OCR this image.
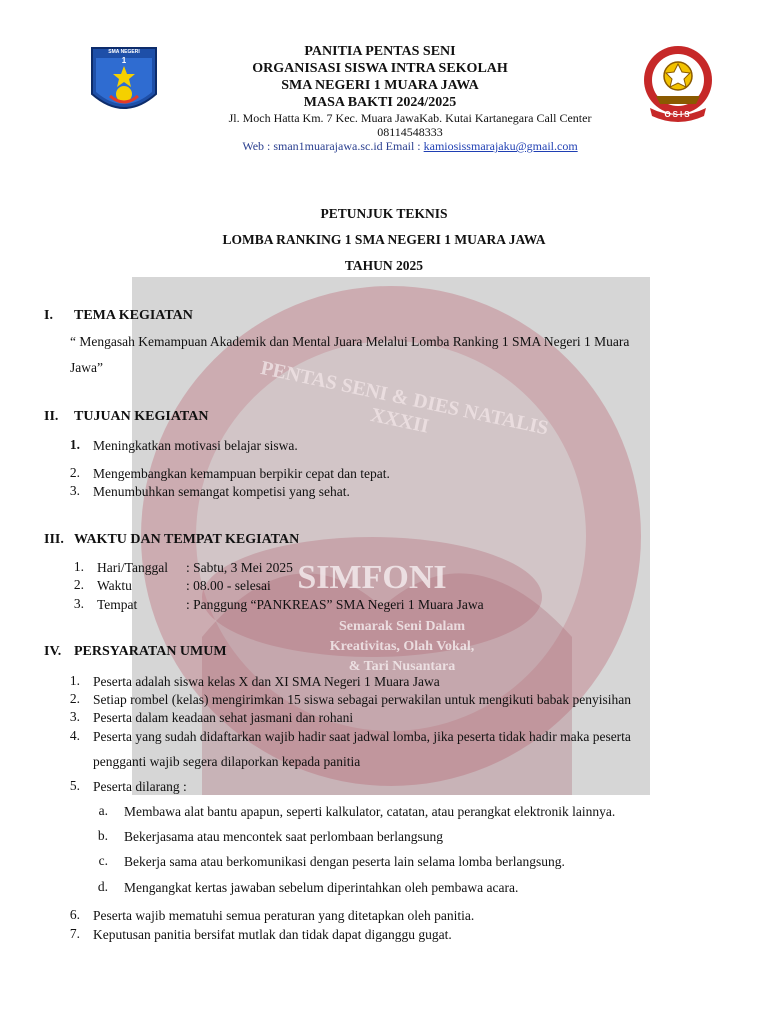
SMA NEGERI
1
OSIS
PANITIA PENTAS SENI
ORGANISASI SISWA INTRA SEKOLAH
SMA NEGERI 1 MUARA JAWA
MASA BAKTI 2024/2025
Jl. Moch Hatta Km. 7 Kec. Muara JawaKab. Kutai Kartanegara Call Center
08114548333
Web : sman1muarajawa.sc.id Email : kamiosissmarajaku@gmail.com
PENTAS SENI & DIES NATALIS XXXII
SIMFONI
Semarak Seni Dalam
Kreativitas, Olah Vokal,
& Tari Nusantara
PETUNJUK TEKNIS
LOMBA RANKING 1 SMA NEGERI 1 MUARA JAWA
TAHUN 2025
I. TEMA KEGIATAN
“ Mengasah Kemampuan Akademik dan Mental Juara Melalui Lomba Ranking 1 SMA Negeri 1 Muara
Jawa”
II. TUJUAN KEGIATAN
1. Meningkatkan motivasi belajar siswa.
2. Mengembangkan kemampuan berpikir cepat dan tepat.
3. Menumbuhkan semangat kompetisi yang sehat.
III. WAKTU DAN TEMPAT KEGIATAN
1. Hari/Tanggal : Sabtu, 3 Mei 2025
2. Waktu	: 08.00 - selesai
3. Tempat	: Panggung “PANKREAS” SMA Negeri 1 Muara Jawa
IV. PERSYARATAN UMUM
1. Peserta adalah siswa kelas X dan XI SMA Negeri 1 Muara Jawa
2. Setiap rombel (kelas) mengirimkan 15 siswa sebagai perwakilan untuk mengikuti babak penyisihan
3. Peserta dalam keadaan sehat jasmani dan rohani
4. Peserta yang sudah didaftarkan wajib hadir saat jadwal lomba, jika peserta tidak hadir maka peserta
pengganti wajib segera dilaporkan kepada panitia
5. Peserta dilarang :
a. Membawa alat bantu apapun, seperti kalkulator, catatan, atau perangkat elektronik lainnya.
b. Bekerjasama atau mencontek saat perlombaan berlangsung
c. Bekerja sama atau berkomunikasi dengan peserta lain selama lomba berlangsung.
d. Mengangkat kertas jawaban sebelum diperintahkan oleh pembawa acara.
6. Peserta wajib mematuhi semua peraturan yang ditetapkan oleh panitia.
7. Keputusan panitia bersifat mutlak dan tidak dapat diganggu gugat.
